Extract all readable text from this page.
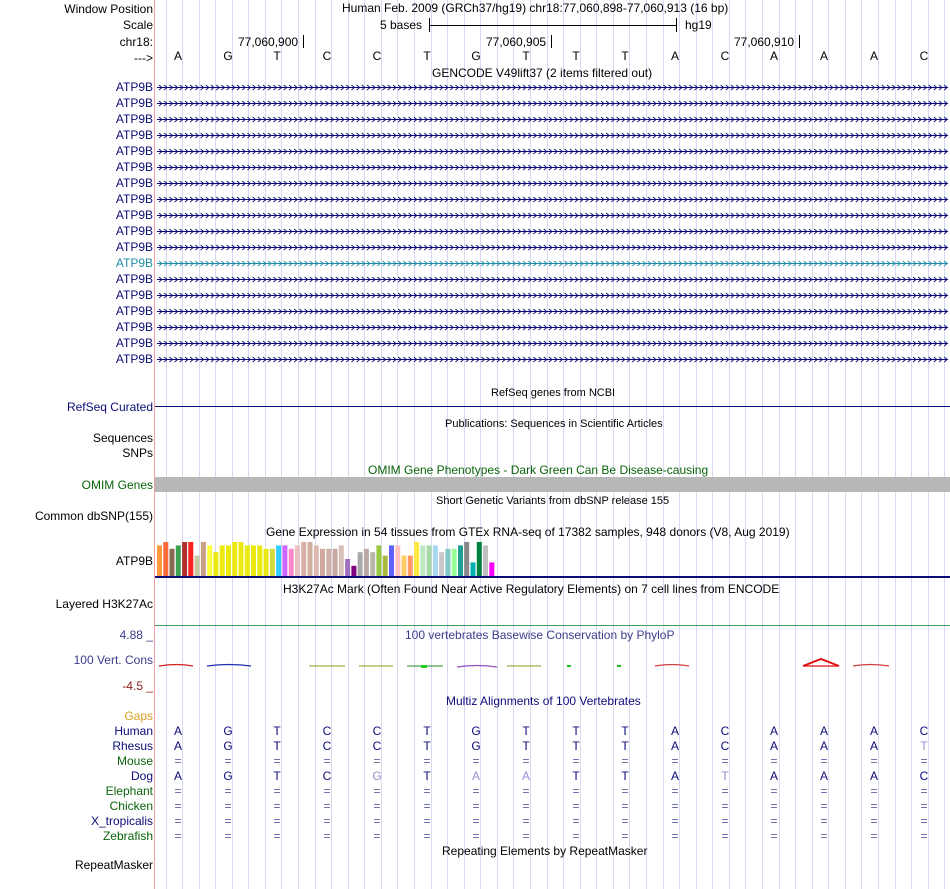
Window Position
Scale
chr18:
--->
Human Feb. 2009 (GRCh37/hg19) chr18:77,060,898-77,060,913 (16 bp)
5 bases	hg19
77,060,900	77,060,905	77,060,910
A	G	T	C	C	T	G	T	T	T	A	C	A	A	A	C
GENCODE V49lift37 (2 items filtered out)
ATP9B
ATP9B
ATP9B
ATP9B
ATP9B
ATP9B
ATP9B
ATP9B
ATP9B
ATP9B
ATP9B
ATP9B
ATP9B
ATP9B
ATP9B
ATP9B
ATP9B
ATP9B
RefSeq genes from NCBI
RefSeq Curated
Publications: Sequences in Scientific Articles
Sequences
SNPs
OMIM Gene Phenotypes - Dark Green Can Be Disease-causing
OMIM Genes
Short Genetic Variants from dbSNP release 155
Common dbSNP(155)
Gene Expression in 54 tissues from GTEx RNA-seq of 17382 samples, 948 donors (V8, Aug 2019)
ATP9B
H3K27Ac Mark (Often Found Near Active Regulatory Elements) on 7 cell lines from ENCODE
Layered H3K27Ac
100 vertebrates Basewise Conservation by PhyloP
4.88 _
100 Vert. Cons
-4.5 _
Multiz Alignments of 100 Vertebrates
Gaps
Human	A	G	T	C	C	T	G	T	T	T	A	C	A	A	A	C
Rhesus	A	G	T	C	C	T	G	T	T	T	A	C	A	A	A	T
Mouse	=	=	=	=	=	=	=	=	=	=	=	=	=	=	=	=
Dog	A	G	T	C	G	T	A	A	T	T	A	T	A	A	A	C
Elephant	=	=	=	=	=	=	=	=	=	=	=	=	=	=	=	=
Chicken	=	=	=	=	=	=	=	=	=	=	=	=	=	=	=	=
X_tropicalis	=	=	=	=	=	=	=	=	=	=	=	=	=	=	=	=
Zebrafish	=	=	=	=	=	=	=	=	=	=	=	=	=	=	=	=
Repeating Elements by RepeatMasker
RepeatMasker
